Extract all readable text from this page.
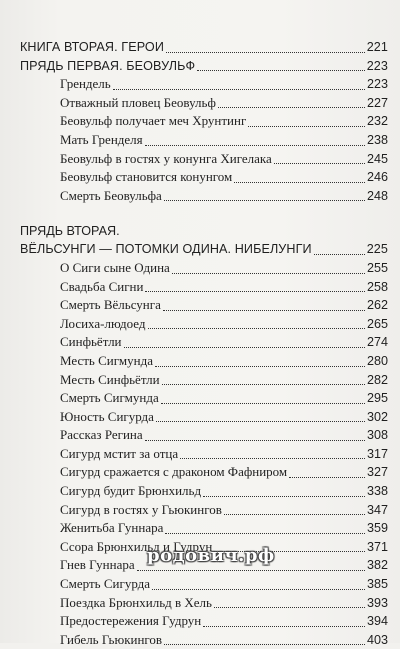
КНИГА ВТОРАЯ. ГЕРОИ	221
ПРЯДЬ ПЕРВАЯ. БЕОВУЛЬФ	223
Грендель	223
Отважный пловец Беовульф	227
Беовульф получает меч Хрунтинг	232
Мать Гренделя	238
Беовульф в гостях у конунга Хигелака	245
Беовульф становится конунгом	246
Смерть Беовульфа	248
ПРЯДЬ ВТОРАЯ.
ВЁЛЬСУНГИ — ПОТОМКИ ОДИНА. НИБЕЛУНГИ	225
О Сиги сыне Одина	255
Свадьба Сигни	258
Смерть Вёльсунга	262
Лосиха-людоед	265
Синфьётли	274
Месть Сигмунда	280
Месть Синфьётли	282
Смерть Сигмунда	295
Юность Сигурда	302
Рассказ Регина	308
Сигурд мстит за отца	317
Сигурд сражается с драконом Фафниром	327
Сигурд будит Брюнхильд	338
Сигурд в гостях у Гьюкингов	347
Женитьба Гуннара	359
Ссора Брюнхильд и Гудрун	371
Гнев Гуннара	382
Смерть Сигурда	385
Поездка Брюнхильд в Хель	393
Предостережения Гудрун	394
Гибель Гьюкингов	403
родович.рф
